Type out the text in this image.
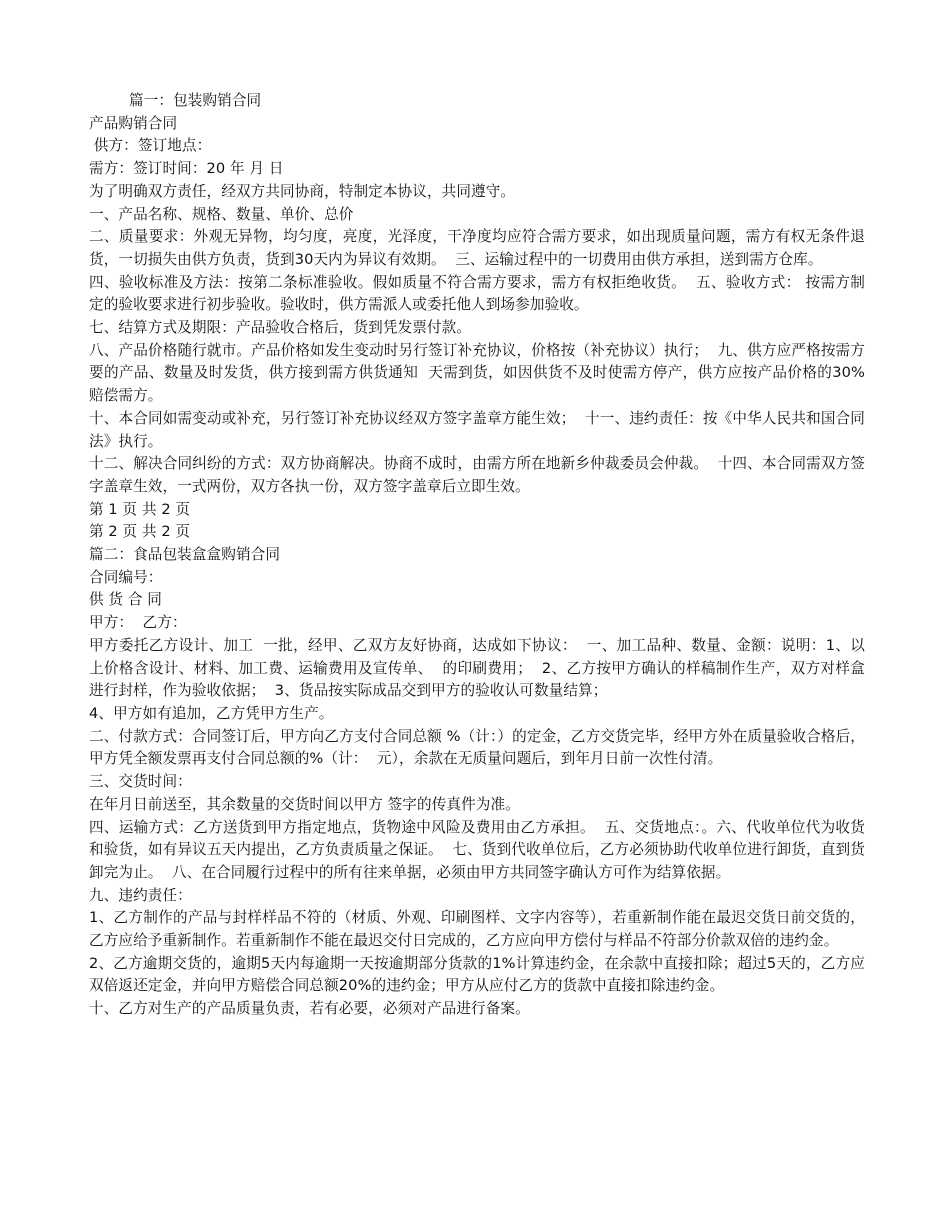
篇一：包装购销合同

产品购销合同

供方：签订地点：

需方：签订时间：20 年 月 日

为了明确双方责任，经双方共同协商，特制定本协议，共同遵守。

一、产品名称、规格、数量、单价、总价

二、质量要求：外观无异物，均匀度，亮度，光泽度，干净度均应符合需方要求，如出现质量问题，需方有权无条件退货，一切损失由供方负责，货到30天内为异议有效期。  三、运输过程中的一切费用由供方承担，送到需方仓库。

四、验收标准及方法：按第二条标准验收。假如质量不符合需方要求，需方有权拒绝收货。  五、验收方式： 按需方制定的验收要求进行初步验收。验收时，供方需派人或委托他人到场参加验收。

七、结算方式及期限：产品验收合格后，货到凭发票付款。

八、产品价格随行就市。产品价格如发生变动时另行签订补充协议，价格按（补充协议）执行；  九、供方应严格按需方要的产品、数量及时发货，供方接到需方供货通知  天需到货，如因供货不及时使需方停产，供方应按产品价格的30%赔偿需方。

十、本合同如需变动或补充，另行签订补充协议经双方签字盖章方能生效；  十一、违约责任：按《中华人民共和国合同法》执行。

十二、解决合同纠纷的方式：双方协商解决。协商不成时，由需方所在地新乡仲裁委员会仲裁。  十四、本合同需双方签字盖章生效，一式两份，双方各执一份，双方签字盖章后立即生效。

第 1 页 共 2 页

第 2 页 共 2 页

篇二：食品包装盒盒购销合同

合同编号：

供 货 合 同

甲方：  乙方：

甲方委托乙方设计、加工  一批，经甲、乙双方友好协商，达成如下协议：  一、加工品种、数量、金额：说明：1、以上价格含设计、材料、加工费、运输费用及宣传单、  的印刷费用；  2、乙方按甲方确认的样稿制作生产，双方对样盒进行封样，作为验收依据；  3、货品按实际成品交到甲方的验收认可数量结算；

4、甲方如有追加，乙方凭甲方生产。

二、付款方式：合同签订后，甲方向乙方支付合同总额 %（计：）的定金，乙方交货完毕，经甲方外在质量验收合格后，甲方凭全额发票再支付合同总额的%（计：  元），余款在无质量问题后，到年月日前一次性付清。

三、交货时间：

在年月日前送至，其余数量的交货时间以甲方 签字的传真件为准。

四、运输方式：乙方送货到甲方指定地点，货物途中风险及费用由乙方承担。  五、交货地点：。六、代收单位代为收货和验货，如有异议五天内提出，乙方负责质量之保证。  七、货到代收单位后，乙方必须协助代收单位进行卸货，直到货卸完为止。  八、在合同履行过程中的所有往来单据，必须由甲方共同签字确认方可作为结算依据。

九、违约责任：

1、乙方制作的产品与封样样品不符的（材质、外观、印刷图样、文字内容等），若重新制作能在最迟交货日前交货的，乙方应给予重新制作。若重新制作不能在最迟交付日完成的，乙方应向甲方偿付与样品不符部分价款双倍的违约金。

2、乙方逾期交货的，逾期5天内每逾期一天按逾期部分货款的1%计算违约金，在余款中直接扣除；超过5天的，乙方应双倍返还定金，并向甲方赔偿合同总额20%的违约金；甲方从应付乙方的货款中直接扣除违约金。

十、乙方对生产的产品质量负责，若有必要，必须对产品进行备案。
